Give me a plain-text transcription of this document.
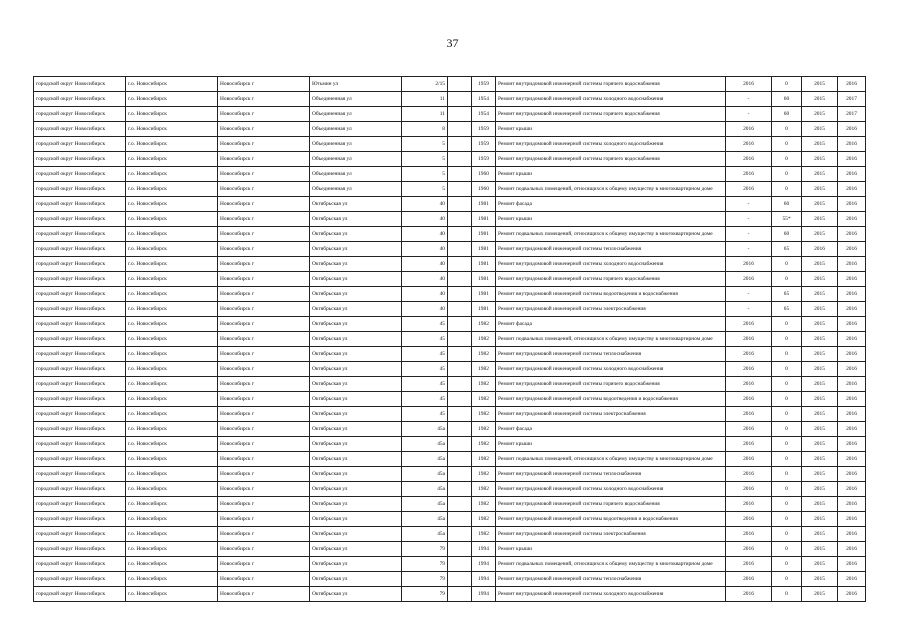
37
городской округ Новосибирск	г.о. Новосибирск	Новосибирск г	Ютьмин ул	2/15		1959	Ремонт внутридомовой инженерной системы горячего водоснабжения	2016	0	2015	2016
городской округ Новосибирск	г.о. Новосибирск	Новосибирск г	Объединенная ул	11		1954	Ремонт внутридомовой инженерной системы холодного водоснабжения	-	60	2015	2017
городской округ Новосибирск	г.о. Новосибирск	Новосибирск г	Объединенная ул	11		1954	Ремонт внутридомовой инженерной системы горячего водоснабжения	-	60	2015	2017
городской округ Новосибирск	г.о. Новосибирск	Новосибирск г	Объединенная ул	8		1959	Ремонт крыши	2016	0	2015	2016
городской округ Новосибирск	г.о. Новосибирск	Новосибирск г	Объединенная ул	5		1959	Ремонт внутридомовой инженерной системы холодного водоснабжения	2016	0	2015	2016
городской округ Новосибирск	г.о. Новосибирск	Новосибирск г	Объединенная ул	5		1959	Ремонт внутридомовой инженерной системы горячего водоснабжения	2016	0	2015	2016
городской округ Новосибирск	г.о. Новосибирск	Новосибирск г	Объединенная ул	5		1960	Ремонт крыши	2016	0	2015	2016
городской округ Новосибирск	г.о. Новосибирск	Новосибирск г	Объединенная ул	5		1960	Ремонт подвальных помещений, относящихся к общему имуществу в многоквартирном доме	2016	0	2015	2016
городской округ Новосибирск	г.о. Новосибирск	Новосибирск г	Октябрьская ул	40		1981	Ремонт фасада	-	60	2015	2016
городской округ Новосибирск	г.о. Новосибирск	Новосибирск г	Октябрьская ул	40		1981	Ремонт крыши	-	55*	2015	2016
городской округ Новосибирск	г.о. Новосибирск	Новосибирск г	Октябрьская ул	40		1981	Ремонт подвальных помещений, относящихся к общему имуществу в многоквартирном доме	-	60	2015	2016
городской округ Новосибирск	г.о. Новосибирск	Новосибирск г	Октябрьская ул	40		1981	Ремонт внутридомовой инженерной системы теплоснабжения	-	65	2016	2016
городской округ Новосибирск	г.о. Новосибирск	Новосибирск г	Октябрьская ул	40		1981	Ремонт внутридомовой инженерной системы холодного водоснабжения	2016	0	2015	2016
городской округ Новосибирск	г.о. Новосибирск	Новосибирск г	Октябрьская ул	40		1981	Ремонт внутридомовой инженерной системы горячего водоснабжения	2016	0	2015	2016
городской округ Новосибирск	г.о. Новосибирск	Новосибирск г	Октябрьская ул	40		1981	Ремонт внутридомовой инженерной системы водоотведения и водоснабжения	-	65	2015	2016
городской округ Новосибирск	г.о. Новосибирск	Новосибирск г	Октябрьская ул	40		1981	Ремонт внутридомовой инженерной системы электроснабжения	-	65	2015	2016
городской округ Новосибирск	г.о. Новосибирск	Новосибирск г	Октябрьская ул	45		1982	Ремонт фасада	2016	0	2015	2016
городской округ Новосибирск	г.о. Новосибирск	Новосибирск г	Октябрьская ул	45		1982	Ремонт подвальных помещений, относящихся к общему имуществу в многоквартирном доме	2016	0	2015	2016
городской округ Новосибирск	г.о. Новосибирск	Новосибирск г	Октябрьская ул	45		1982	Ремонт внутридомовой инженерной системы теплоснабжения	2016	0	2015	2016
городской округ Новосибирск	г.о. Новосибирск	Новосибирск г	Октябрьская ул	45		1982	Ремонт внутридомовой инженерной системы холодного водоснабжения	2016	0	2015	2016
городской округ Новосибирск	г.о. Новосибирск	Новосибирск г	Октябрьская ул	45		1982	Ремонт внутридомовой инженерной системы горячего водоснабжения	2016	0	2015	2016
городской округ Новосибирск	г.о. Новосибирск	Новосибирск г	Октябрьская ул	45		1982	Ремонт внутридомовой инженерной системы водоотведения и водоснабжения	2016	0	2015	2016
городской округ Новосибирск	г.о. Новосибирск	Новосибирск г	Октябрьская ул	45		1982	Ремонт внутридомовой инженерной системы электроснабжения	2016	0	2015	2016
городской округ Новосибирск	г.о. Новосибирск	Новосибирск г	Октябрьская ул	45а		1982	Ремонт фасада	2016	0	2015	2016
городской округ Новосибирск	г.о. Новосибирск	Новосибирск г	Октябрьская ул	45а		1982	Ремонт крыши	2016	0	2015	2016
городской округ Новосибирск	г.о. Новосибирск	Новосибирск г	Октябрьская ул	45а		1982	Ремонт подвальных помещений, относящихся к общему имуществу в многоквартирном доме	2016	0	2015	2016
городской округ Новосибирск	г.о. Новосибирск	Новосибирск г	Октябрьская ул	45а		1982	Ремонт внутридомовой инженерной системы теплоснабжения	2016	0	2015	2016
городской округ Новосибирск	г.о. Новосибирск	Новосибирск г	Октябрьская ул	45а		1982	Ремонт внутридомовой инженерной системы холодного водоснабжения	2016	0	2015	2016
городской округ Новосибирск	г.о. Новосибирск	Новосибирск г	Октябрьская ул	45а		1982	Ремонт внутридомовой инженерной системы горячего водоснабжения	2016	0	2015	2016
городской округ Новосибирск	г.о. Новосибирск	Новосибирск г	Октябрьская ул	45а		1982	Ремонт внутридомовой инженерной системы водоотведения и водоснабжения	2016	0	2015	2016
городской округ Новосибирск	г.о. Новосибирск	Новосибирск г	Октябрьская ул	45а		1982	Ремонт внутридомовой инженерной системы электроснабжения	2016	0	2015	2016
городской округ Новосибирск	г.о. Новосибирск	Новосибирск г	Октябрьская ул	79		1994	Ремонт крыши	2016	0	2015	2016
городской округ Новосибирск	г.о. Новосибирск	Новосибирск г	Октябрьская ул	79		1994	Ремонт подвальных помещений, относящихся к общему имуществу в многоквартирном доме	2016	0	2015	2016
городской округ Новосибирск	г.о. Новосибирск	Новосибирск г	Октябрьская ул	79		1994	Ремонт внутридомовой инженерной системы теплоснабжения	2016	0	2015	2016
городской округ Новосибирск	г.о. Новосибирск	Новосибирск г	Октябрьская ул	79		1994	Ремонт внутридомовой инженерной системы холодного водоснабжения	2016	0	2015	2016
